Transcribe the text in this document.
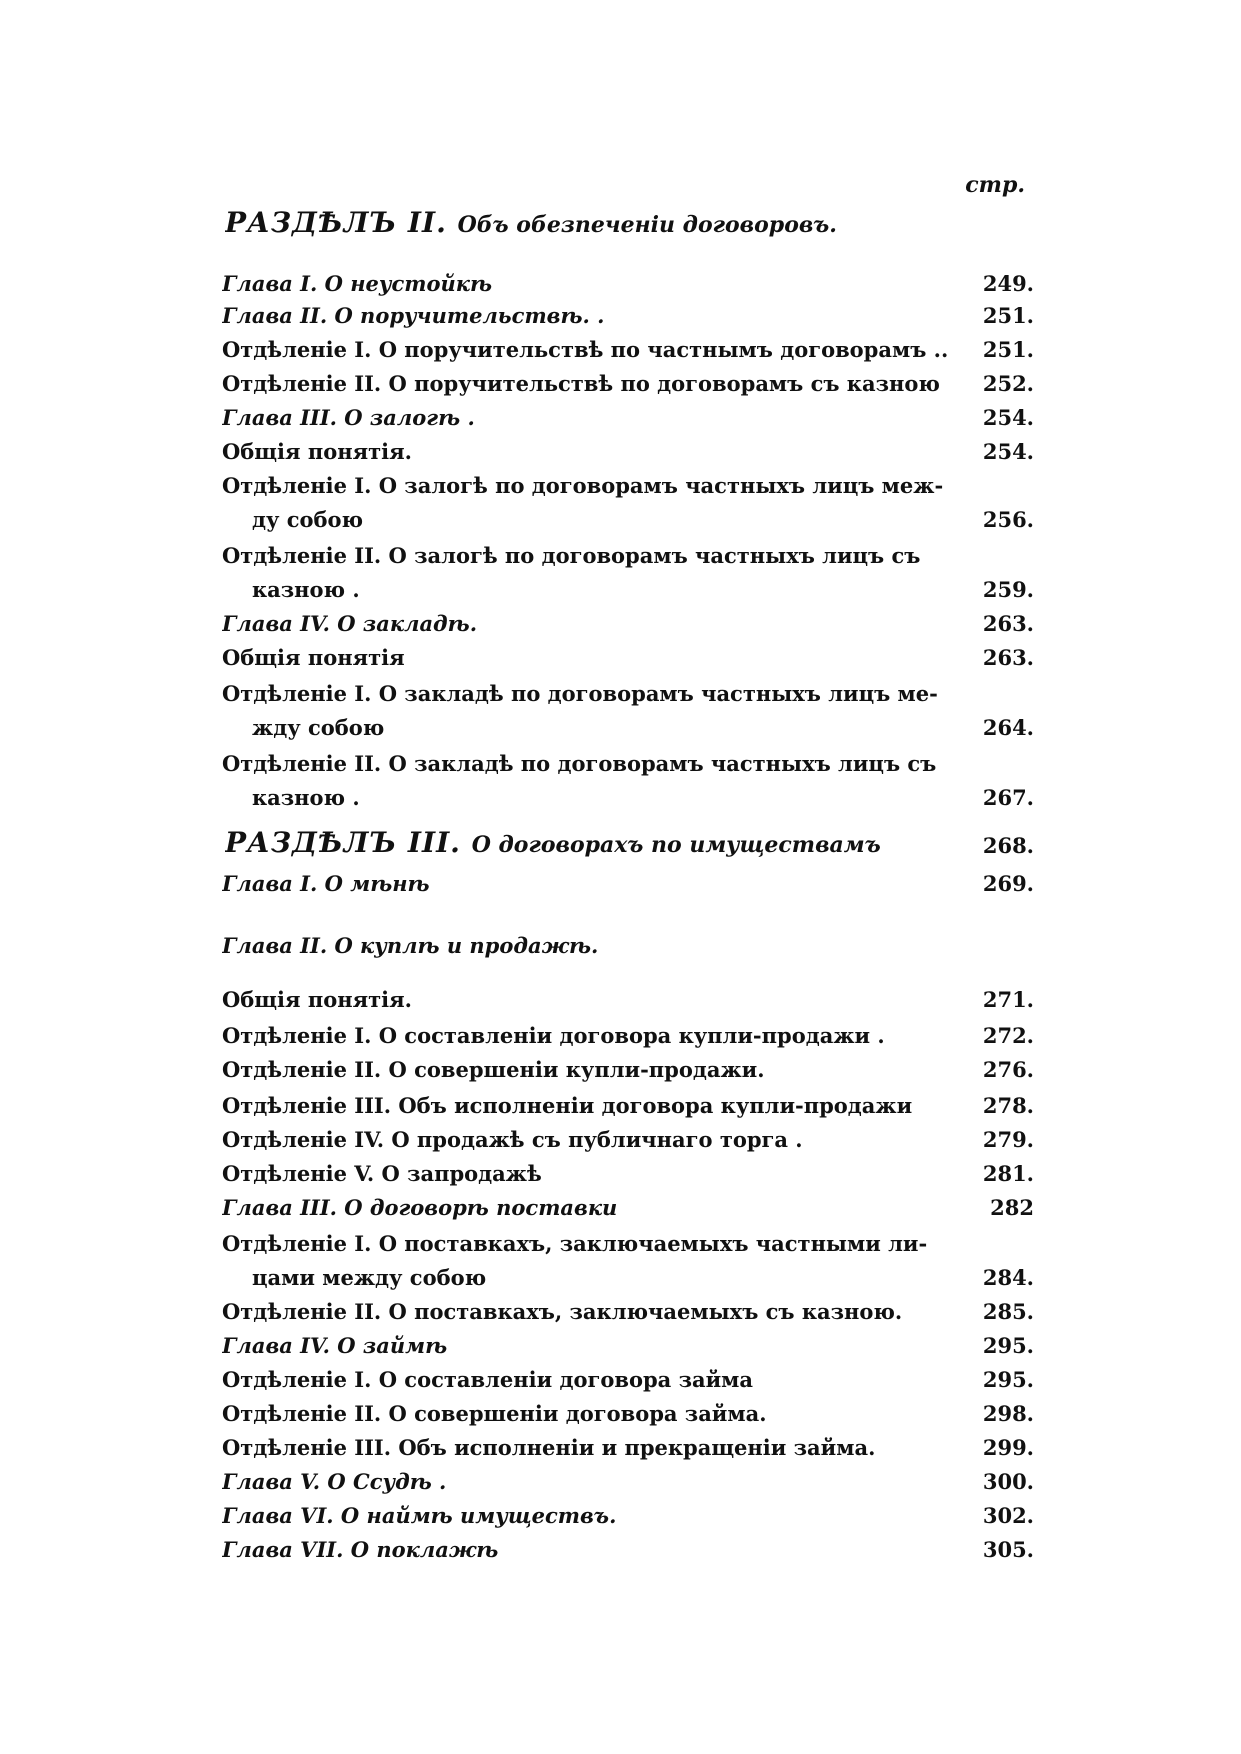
стр.
РАЗДѢЛЪ II. Объ обезпеченіи договоровъ.
Глава I. О неустойкѣ	249.
Глава II. О поручительствѣ. .	251.
Отдѣленіе I. О поручительствѣ по частнымъ договорамъ ..	251.
Отдѣленіе II. О поручительствѣ по договорамъ съ казною	252.
Глава III. О залогѣ .	254.
Общія понятія.	254.
Отдѣленіе I. О залогѣ по договорамъ частныхъ лицъ меж-
ду собою	256.
Отдѣленіе II. О залогѣ по договорамъ частныхъ лицъ съ
казною .	259.
Глава IV. О закладѣ.	263.
Общія понятія	263.
Отдѣленіе I. О закладѣ по договорамъ частныхъ лицъ ме-
жду собою	264.
Отдѣленіе II. О закладѣ по договорамъ частныхъ лицъ съ
казною .	267.
РАЗДѢЛЪ III. О договорахъ по имуществамъ	268.
Глава I. О мѣнѣ	269.
Глава II. О куплѣ и продажѣ.
Общія понятія.	271.
Отдѣленіе I. О составленіи договора купли-продажи .	272.
Отдѣленіе II. О совершеніи купли-продажи.	276.
Отдѣленіе III. Объ исполненіи договора купли-продажи	278.
Отдѣленіе IV. О продажѣ съ публичнаго торга .	279.
Отдѣленіе V. О запродажѣ	281.
Глава III. О договорѣ поставки	282
Отдѣленіе I. О поставкахъ, заключаемыхъ частными ли-
цами между собою	284.
Отдѣленіе II. О поставкахъ, заключаемыхъ съ казною.	285.
Глава IV. О займѣ	295.
Отдѣленіе I. О составленіи договора займа	295.
Отдѣленіе II. О совершеніи договора займа.	298.
Отдѣленіе III. Объ исполненіи и прекращеніи займа.	299.
Глава V. О Ссудѣ .	300.
Глава VI. О наймѣ имуществъ.	302.
Глава VII. О поклажѣ	305.
